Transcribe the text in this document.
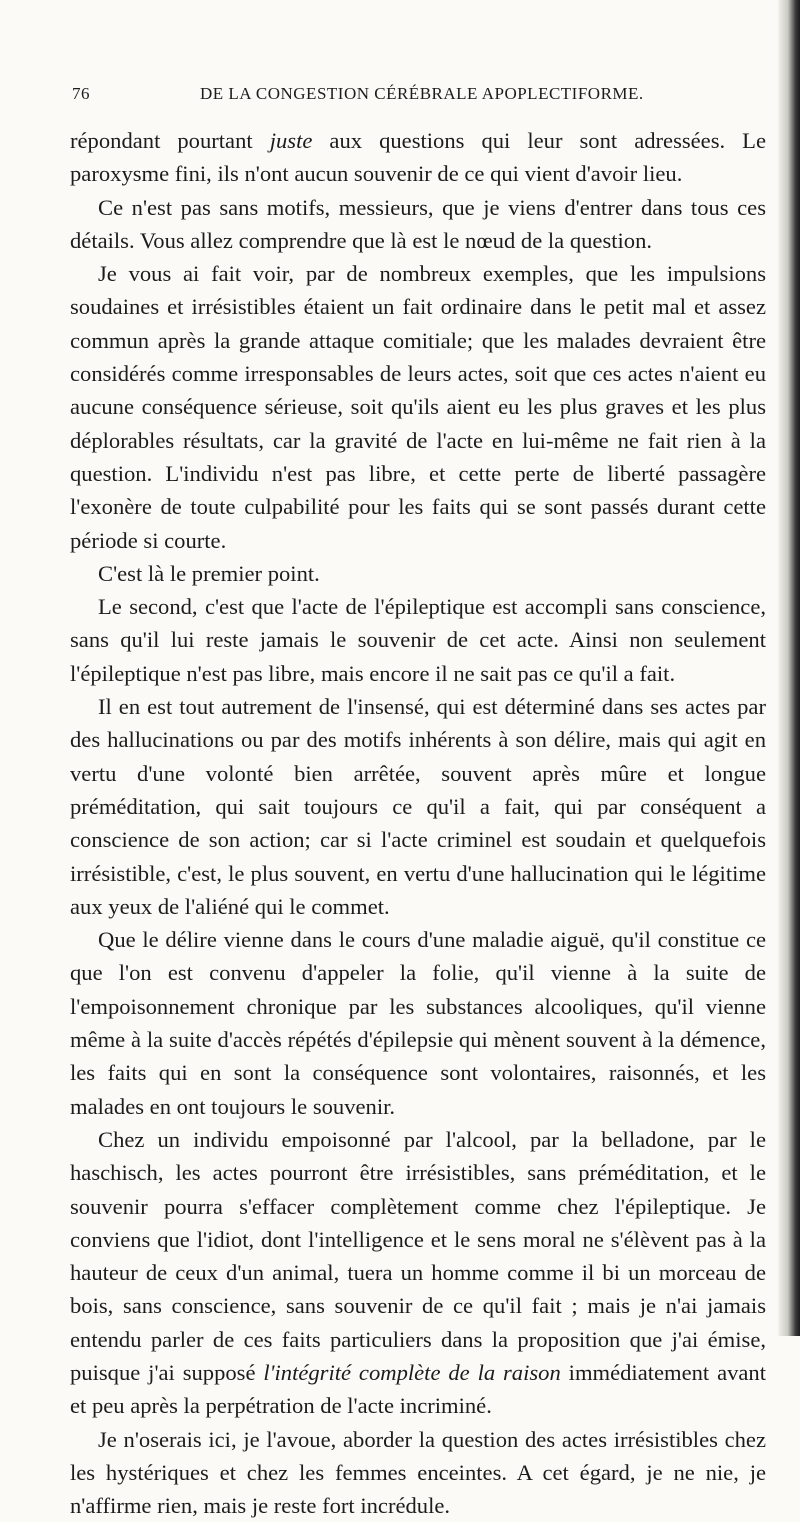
76	DE LA CONGESTION CÉRÉBRALE APOPLECTIFORME.

répondant pourtant juste aux questions qui leur sont adressées. Le paroxysme fini, ils n'ont aucun souvenir de ce qui vient d'avoir lieu.

Ce n'est pas sans motifs, messieurs, que je viens d'entrer dans tous ces détails. Vous allez comprendre que là est le nœud de la question.

Je vous ai fait voir, par de nombreux exemples, que les impulsions soudaines et irrésistibles étaient un fait ordinaire dans le petit mal et assez commun après la grande attaque comitiale; que les malades devraient être considérés comme irresponsables de leurs actes, soit que ces actes n'aient eu aucune conséquence sérieuse, soit qu'ils aient eu les plus graves et les plus déplorables résultats, car la gravité de l'acte en lui-même ne fait rien à la question. L'individu n'est pas libre, et cette perte de liberté passagère l'exonère de toute culpabilité pour les faits qui se sont passés durant cette période si courte.

C'est là le premier point.

Le second, c'est que l'acte de l'épileptique est accompli sans conscience, sans qu'il lui reste jamais le souvenir de cet acte. Ainsi non seulement l'épileptique n'est pas libre, mais encore il ne sait pas ce qu'il a fait.

Il en est tout autrement de l'insensé, qui est déterminé dans ses actes par des hallucinations ou par des motifs inhérents à son délire, mais qui agit en vertu d'une volonté bien arrêtée, souvent après mûre et longue préméditation, qui sait toujours ce qu'il a fait, qui par conséquent a conscience de son action; car si l'acte criminel est soudain et quelquefois irrésistible, c'est, le plus souvent, en vertu d'une hallucination qui le légitime aux yeux de l'aliéné qui le commet.

Que le délire vienne dans le cours d'une maladie aiguë, qu'il constitue ce que l'on est convenu d'appeler la folie, qu'il vienne à la suite de l'empoisonnement chronique par les substances alcooliques, qu'il vienne même à la suite d'accès répétés d'épilepsie qui mènent souvent à la démence, les faits qui en sont la conséquence sont volontaires, raisonnés, et les malades en ont toujours le souvenir.

Chez un individu empoisonné par l'alcool, par la belladone, par le haschisch, les actes pourront être irrésistibles, sans préméditation, et le souvenir pourra s'effacer complètement comme chez l'épileptique. Je conviens que l'idiot, dont l'intelligence et le sens moral ne s'élèvent pas à la hauteur de ceux d'un animal, tuera un homme comme il bi un morceau de bois, sans conscience, sans souvenir de ce qu'il fait ; mais je n'ai jamais entendu parler de ces faits particuliers dans la proposition que j'ai émise, puisque j'ai supposé l'intégrité complète de la raison immédiatement avant et peu après la perpétration de l'acte incriminé.

Je n'oserais ici, je l'avoue, aborder la question des actes irrésistibles chez les hystériques et chez les femmes enceintes. A cet égard, je ne nie, je n'affirme rien, mais je reste fort incrédule.
